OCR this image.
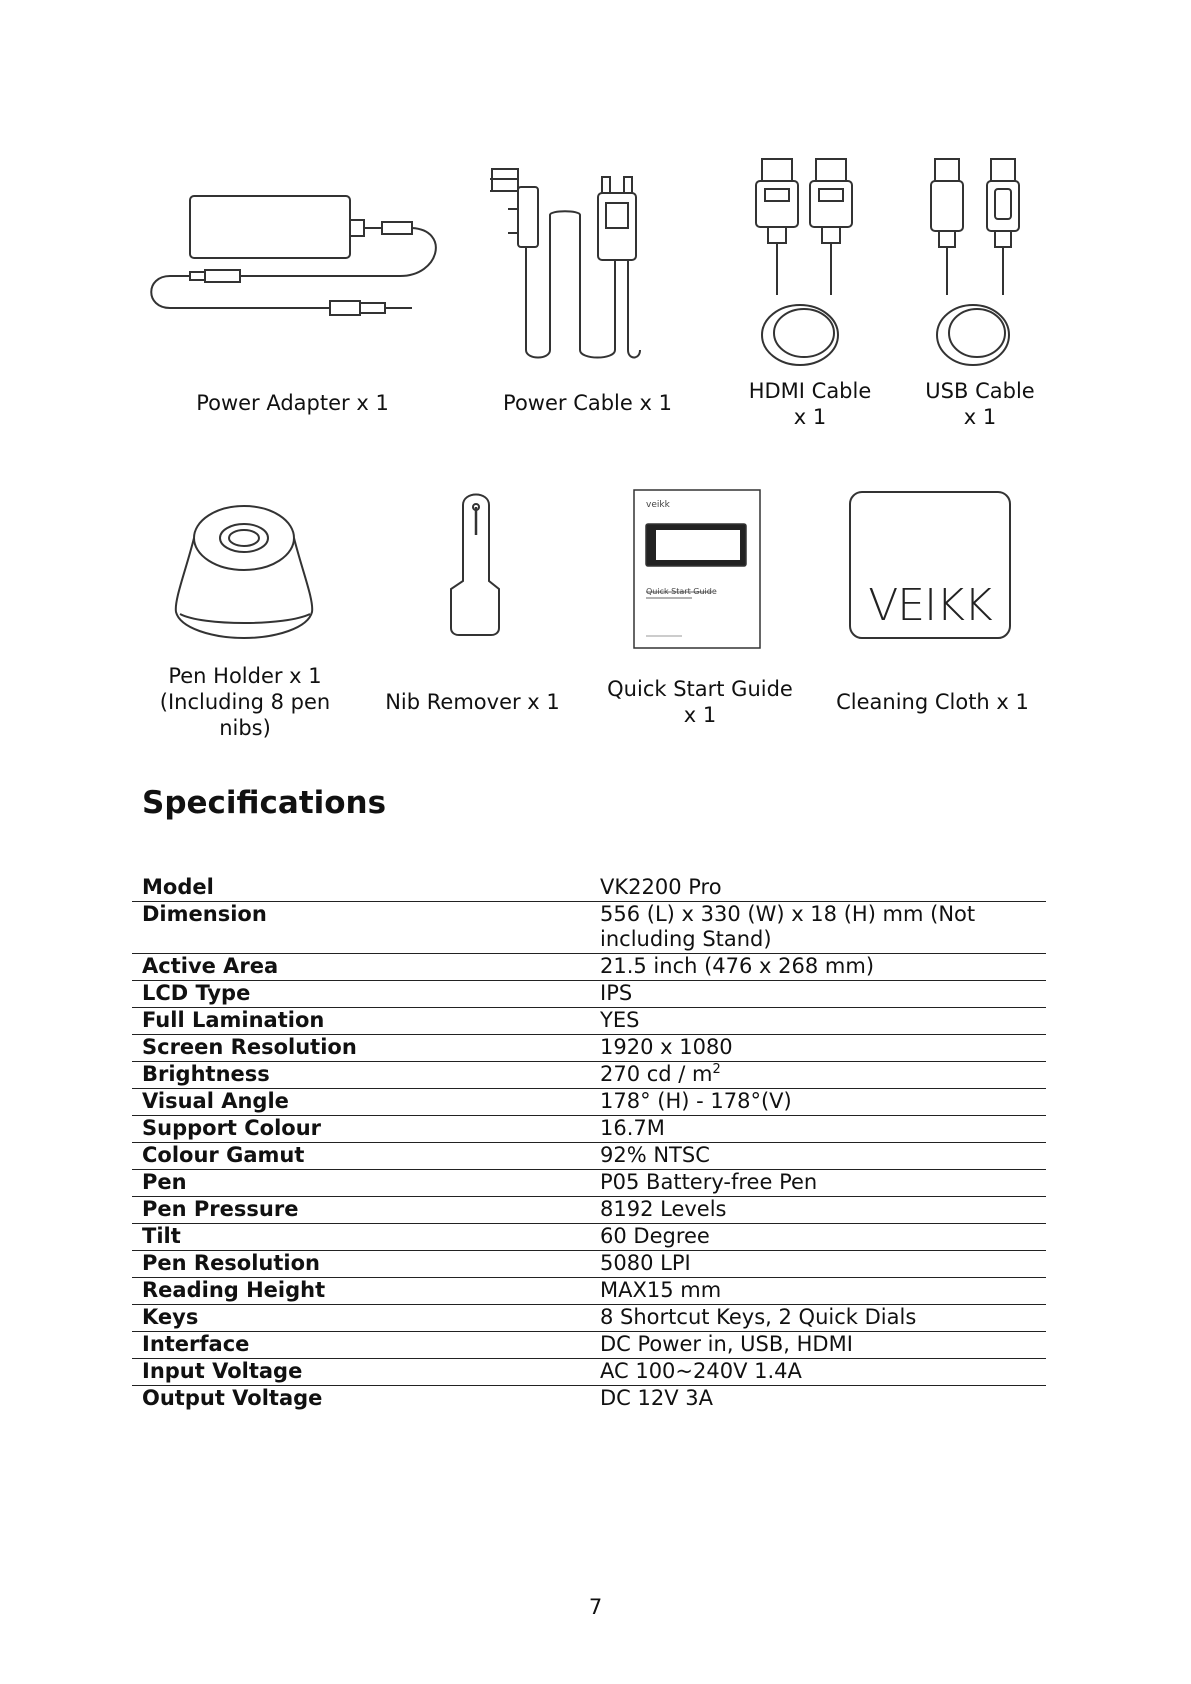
Power Adapter x 1	Power Cable x 1	HDMI Cable
x 1
USB Cable
x 1
veikk
Quick Start Guide	VEIKK
Pen Holder x 1
(Including 8 pen
nibs)
Nib Remover x 1
Quick Start Guide
x 1
Cleaning Cloth x 1
Specifications
Model	VK2200 Pro
Dimension	556 (L) x 330 (W) x 18 (H) mm (Not including Stand)
Active Area	21.5 inch (476 x 268 mm)
LCD Type	IPS
Full Lamination	YES
Screen Resolution	1920 x 1080
Brightness	270 cd / $m^2$
Visual Angle	178° (H) - 178°(V)
Support Colour	16.7M
Colour Gamut	92% NTSC
Pen	P05 Battery-free Pen
Pen Pressure	8192 Levels
Tilt	60 Degree
Pen Resolution	5080 LPI
Reading Height	MAX15 mm
Keys	8 Shortcut Keys, 2 Quick Dials
Interface	DC Power in, USB, HDMI
Input Voltage	AC 100~240V 1.4A
Output Voltage	DC 12V 3A
7
